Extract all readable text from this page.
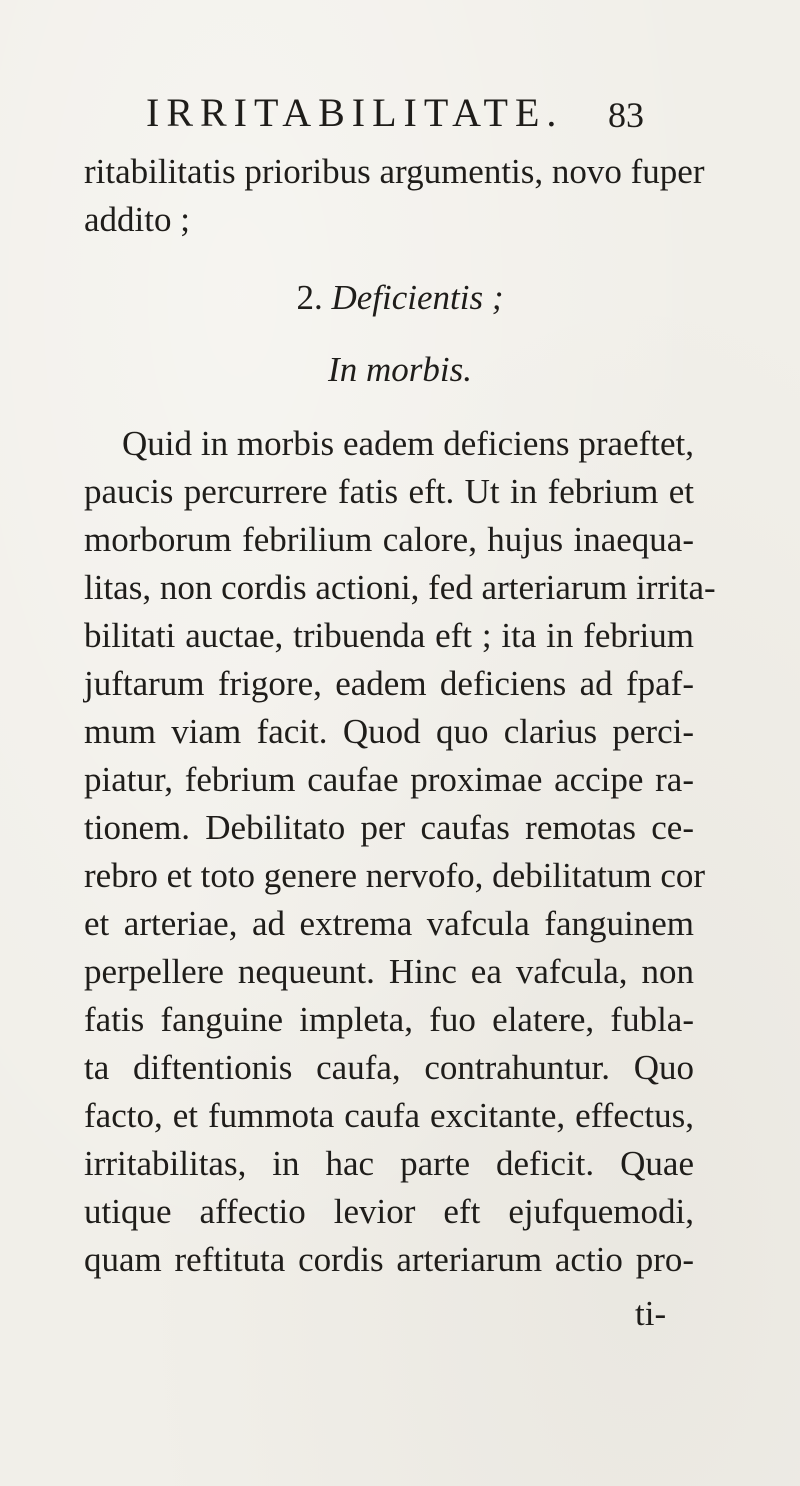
IRRITABILITATE.	83
ritabilitatis prioribus argumentis, novo fuper
addito ;
2. Deficientis ;
In morbis.
Quid in morbis eadem deficiens praeftet,
paucis percurrere fatis eft. Ut in febrium et
morborum febrilium calore, hujus inaequa-
litas, non cordis actioni, fed arteriarum irrita-
bilitati auctae, tribuenda eft ; ita in febrium
juftarum frigore, eadem deficiens ad fpaf-
mum viam facit. Quod quo clarius perci-
piatur, febrium caufae proximae accipe ra-
tionem. Debilitato per caufas remotas ce-
rebro et toto genere nervofo, debilitatum cor
et arteriae, ad extrema vafcula fanguinem
perpellere nequeunt. Hinc ea vafcula, non
fatis fanguine impleta, fuo elatere, fubla-
ta diftentionis caufa, contrahuntur. Quo
facto, et fummota caufa excitante, effectus,
irritabilitas, in hac parte deficit. Quae
utique affectio levior eft ejufquemodi,
quam reftituta cordis arteriarum actio pro-
ti-
